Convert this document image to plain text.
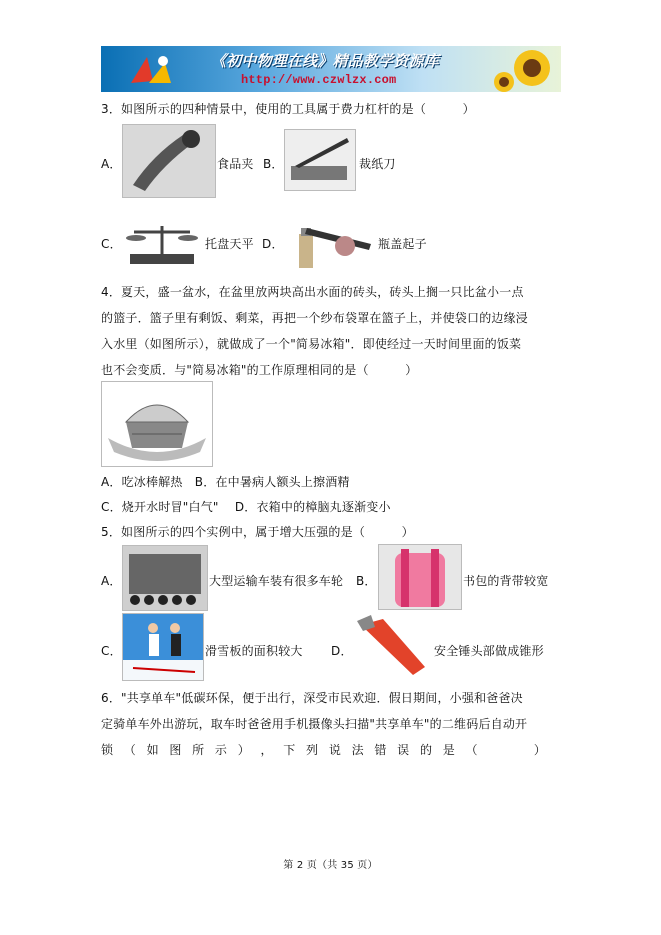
《初中物理在线》精品教学资源库
http://www.czwlzx.com
3．如图所示的四种情景中，使用的工具属于费力杠杆的是（　　　）
A．	食品夹 B．	裁纸刀
C．	托盘天平 D．	瓶盖起子
4．夏天，盛一盆水，在盆里放两块高出水面的砖头，砖头上搁一只比盆小一点
的篮子．篮子里有剩饭、剩菜，再把一个纱布袋罩在篮子上，并使袋口的边缘浸
入水里（如图所示），就做成了一个"简易冰箱"．即使经过一天时间里面的饭菜
也不会变质．与"简易冰箱"的工作原理相同的是（　　　）
A．吃冰棒解热　B．在中暑病人额头上擦酒精
C．烧开水时冒"白气"　 D．衣箱中的樟脑丸逐渐变小
5．如图所示的四个实例中，属于增大压强的是（　　　）
A．	大型运输车装有很多车轮 B．	书包的背带较宽
C．	滑雪板的面积较大 D．	安全锤头部做成锥形
6．"共享单车"低碳环保，便于出行，深受市民欢迎．假日期间，小强和爸爸决
定骑单车外出游玩，取车时爸爸用手机摄像头扫描"共享单车"的二维码后自动开
锁 （ 如 图 所 示 ） ， 下 列 说 法 错 误 的 是 （

　	）
第 2 页（共 35 页）
